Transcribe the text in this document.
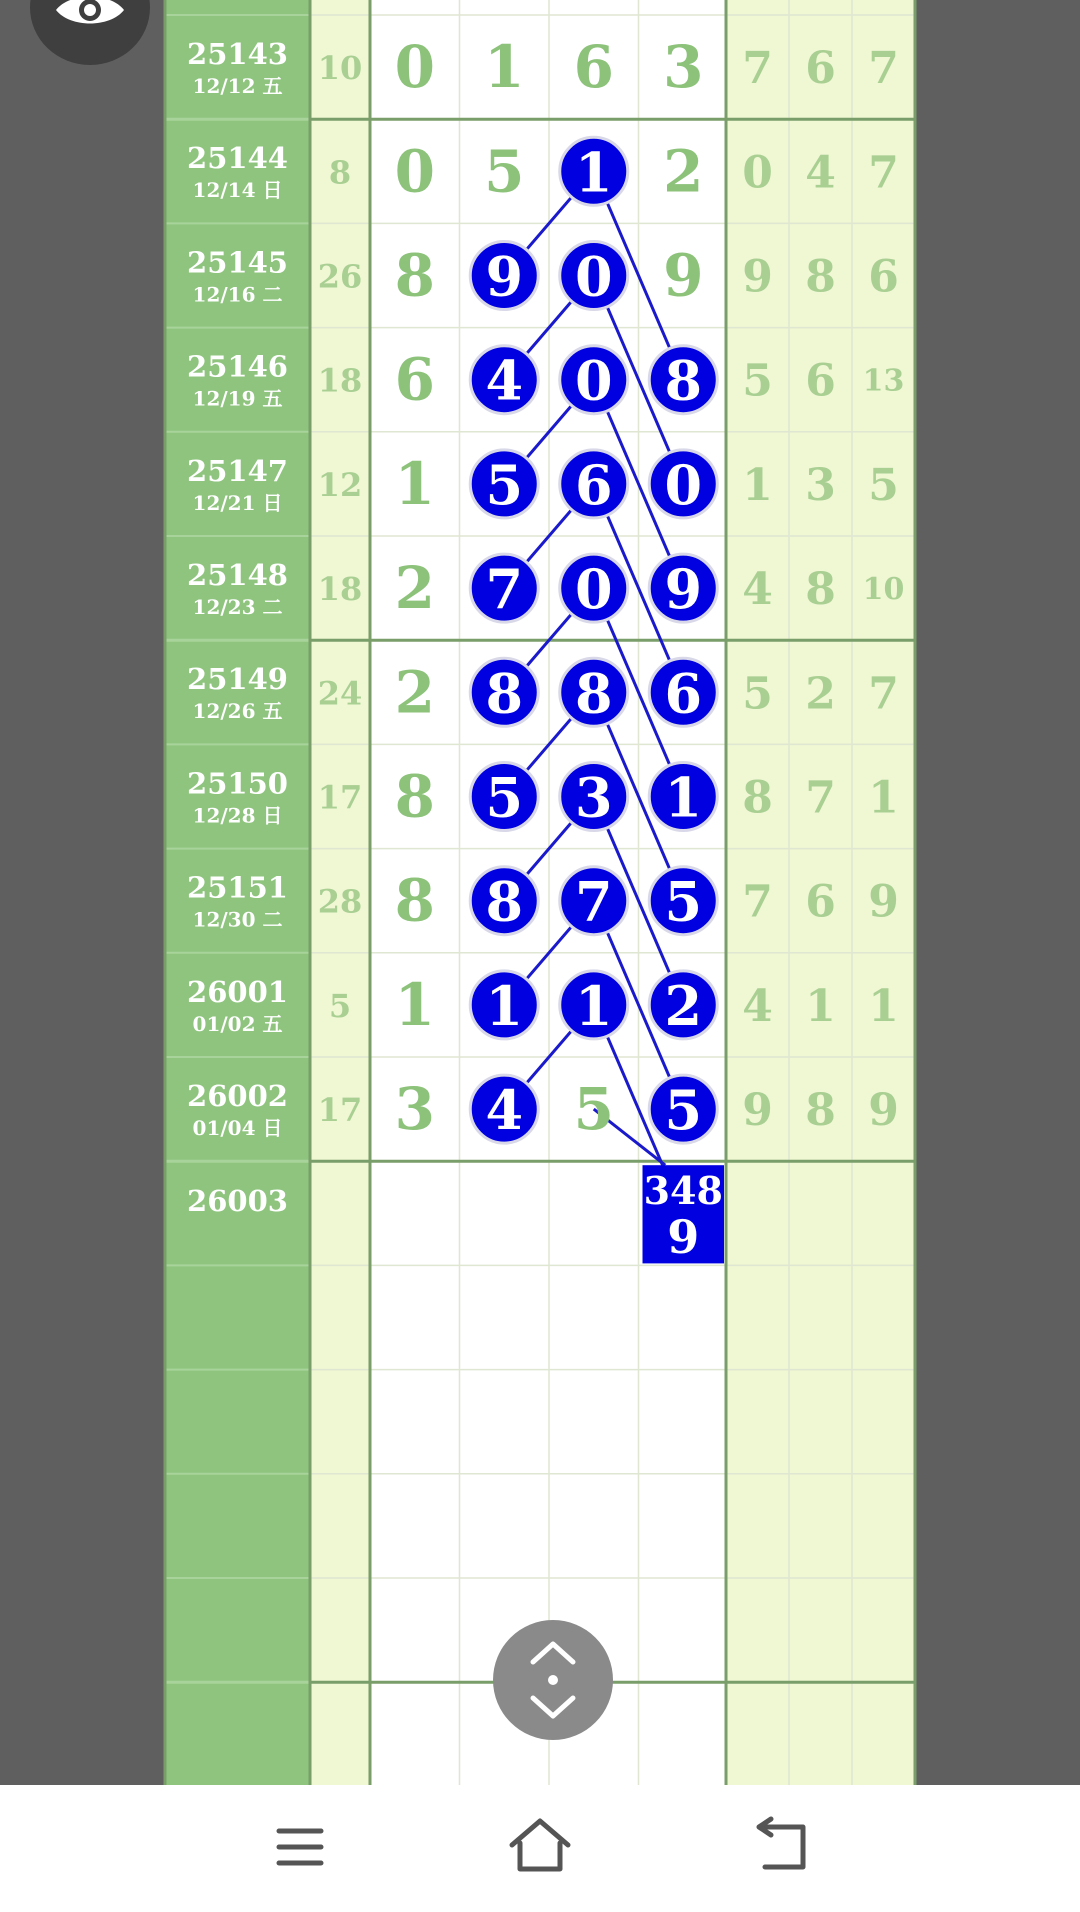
25143
12/12 五 10 0 1 6 3 7 6 7
25144
12/14 日 8 0 5 1 2 0 4 7
25145
12/16 二 26 8 9 0 9 9 8 6
25146
12/19 五 18 6 4 0 8 5 6 13
25147
12/21 日 12 1 5 6 0 1 3 5
25148
12/23 二 18 2 7 0 9 4 8 10
25149
12/26 五 24 2 8 8 6 5 2 7
25150
12/28 日 17 8 5 3 1 8 7 1
25151
12/30 二 28 8 8 7 5 7 6 9
26001
01/02 五 5 1 1 1 2 4 1 1
26002
01/04 日 17 3 4 5 5 9 8 9
26003	348
9
